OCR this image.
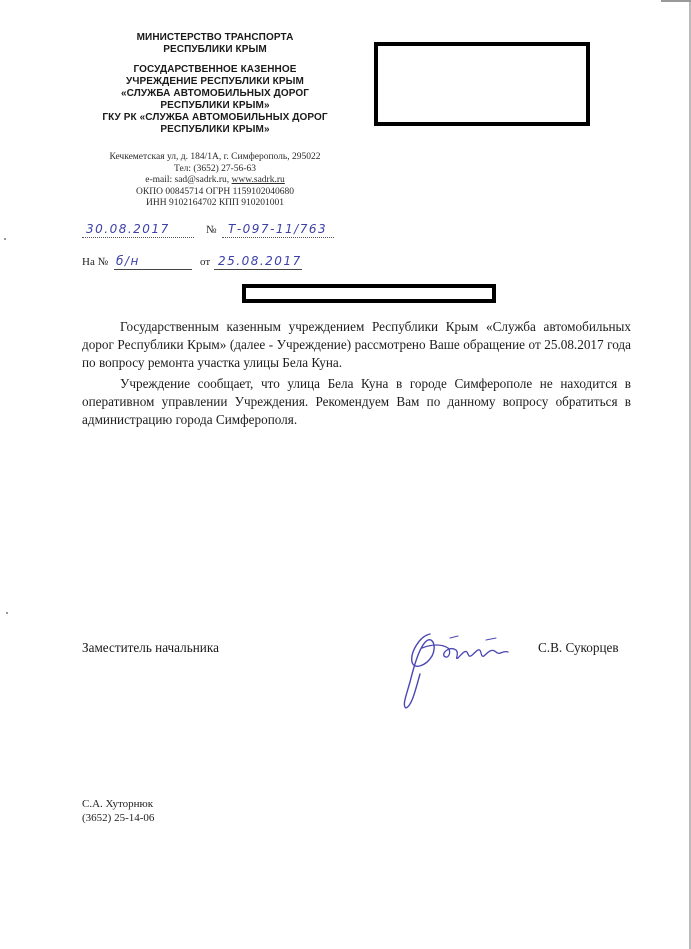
МИНИСТЕРСТВО ТРАНСПОРТА
РЕСПУБЛИКИ КРЫМ
ГОСУДАРСТВЕННОЕ КАЗЕННОЕ
УЧРЕЖДЕНИЕ РЕСПУБЛИКИ КРЫМ
«СЛУЖБА АВТОМОБИЛЬНЫХ ДОРОГ
РЕСПУБЛИКИ КРЫМ»
ГКУ РК «СЛУЖБА АВТОМОБИЛЬНЫХ ДОРОГ
РЕСПУБЛИКИ КРЫМ»
Кечкеметская ул, д. 184/1А, г. Симферополь, 295022
Тел: (3652) 27-56-63
e-mail: sad@sadrk.ru, www.sadrk.ru
ОКПО 00845714 ОГРН 1159102040680
ИНН 9102164702 КПП 910201001
30.08.2017	№ Т-097-11/763
На № б/н	от 25.08.2017

Государственным казенным учреждением Республики Крым «Служба автомобильных дорог Республики Крым» (далее - Учреждение) рассмотрено Ваше обращение от 25.08.2017 года по вопросу ремонта участка улицы Бела Куна.

Учреждение сообщает, что улица Бела Куна в городе Симферополе не находится в оперативном управлении Учреждения. Рекомендуем Вам по данному вопросу обратиться в администрацию города Симферополя.

Заместитель начальника	С.В. Сукорцев
С.А. Хуторнюк
(3652) 25-14-06
